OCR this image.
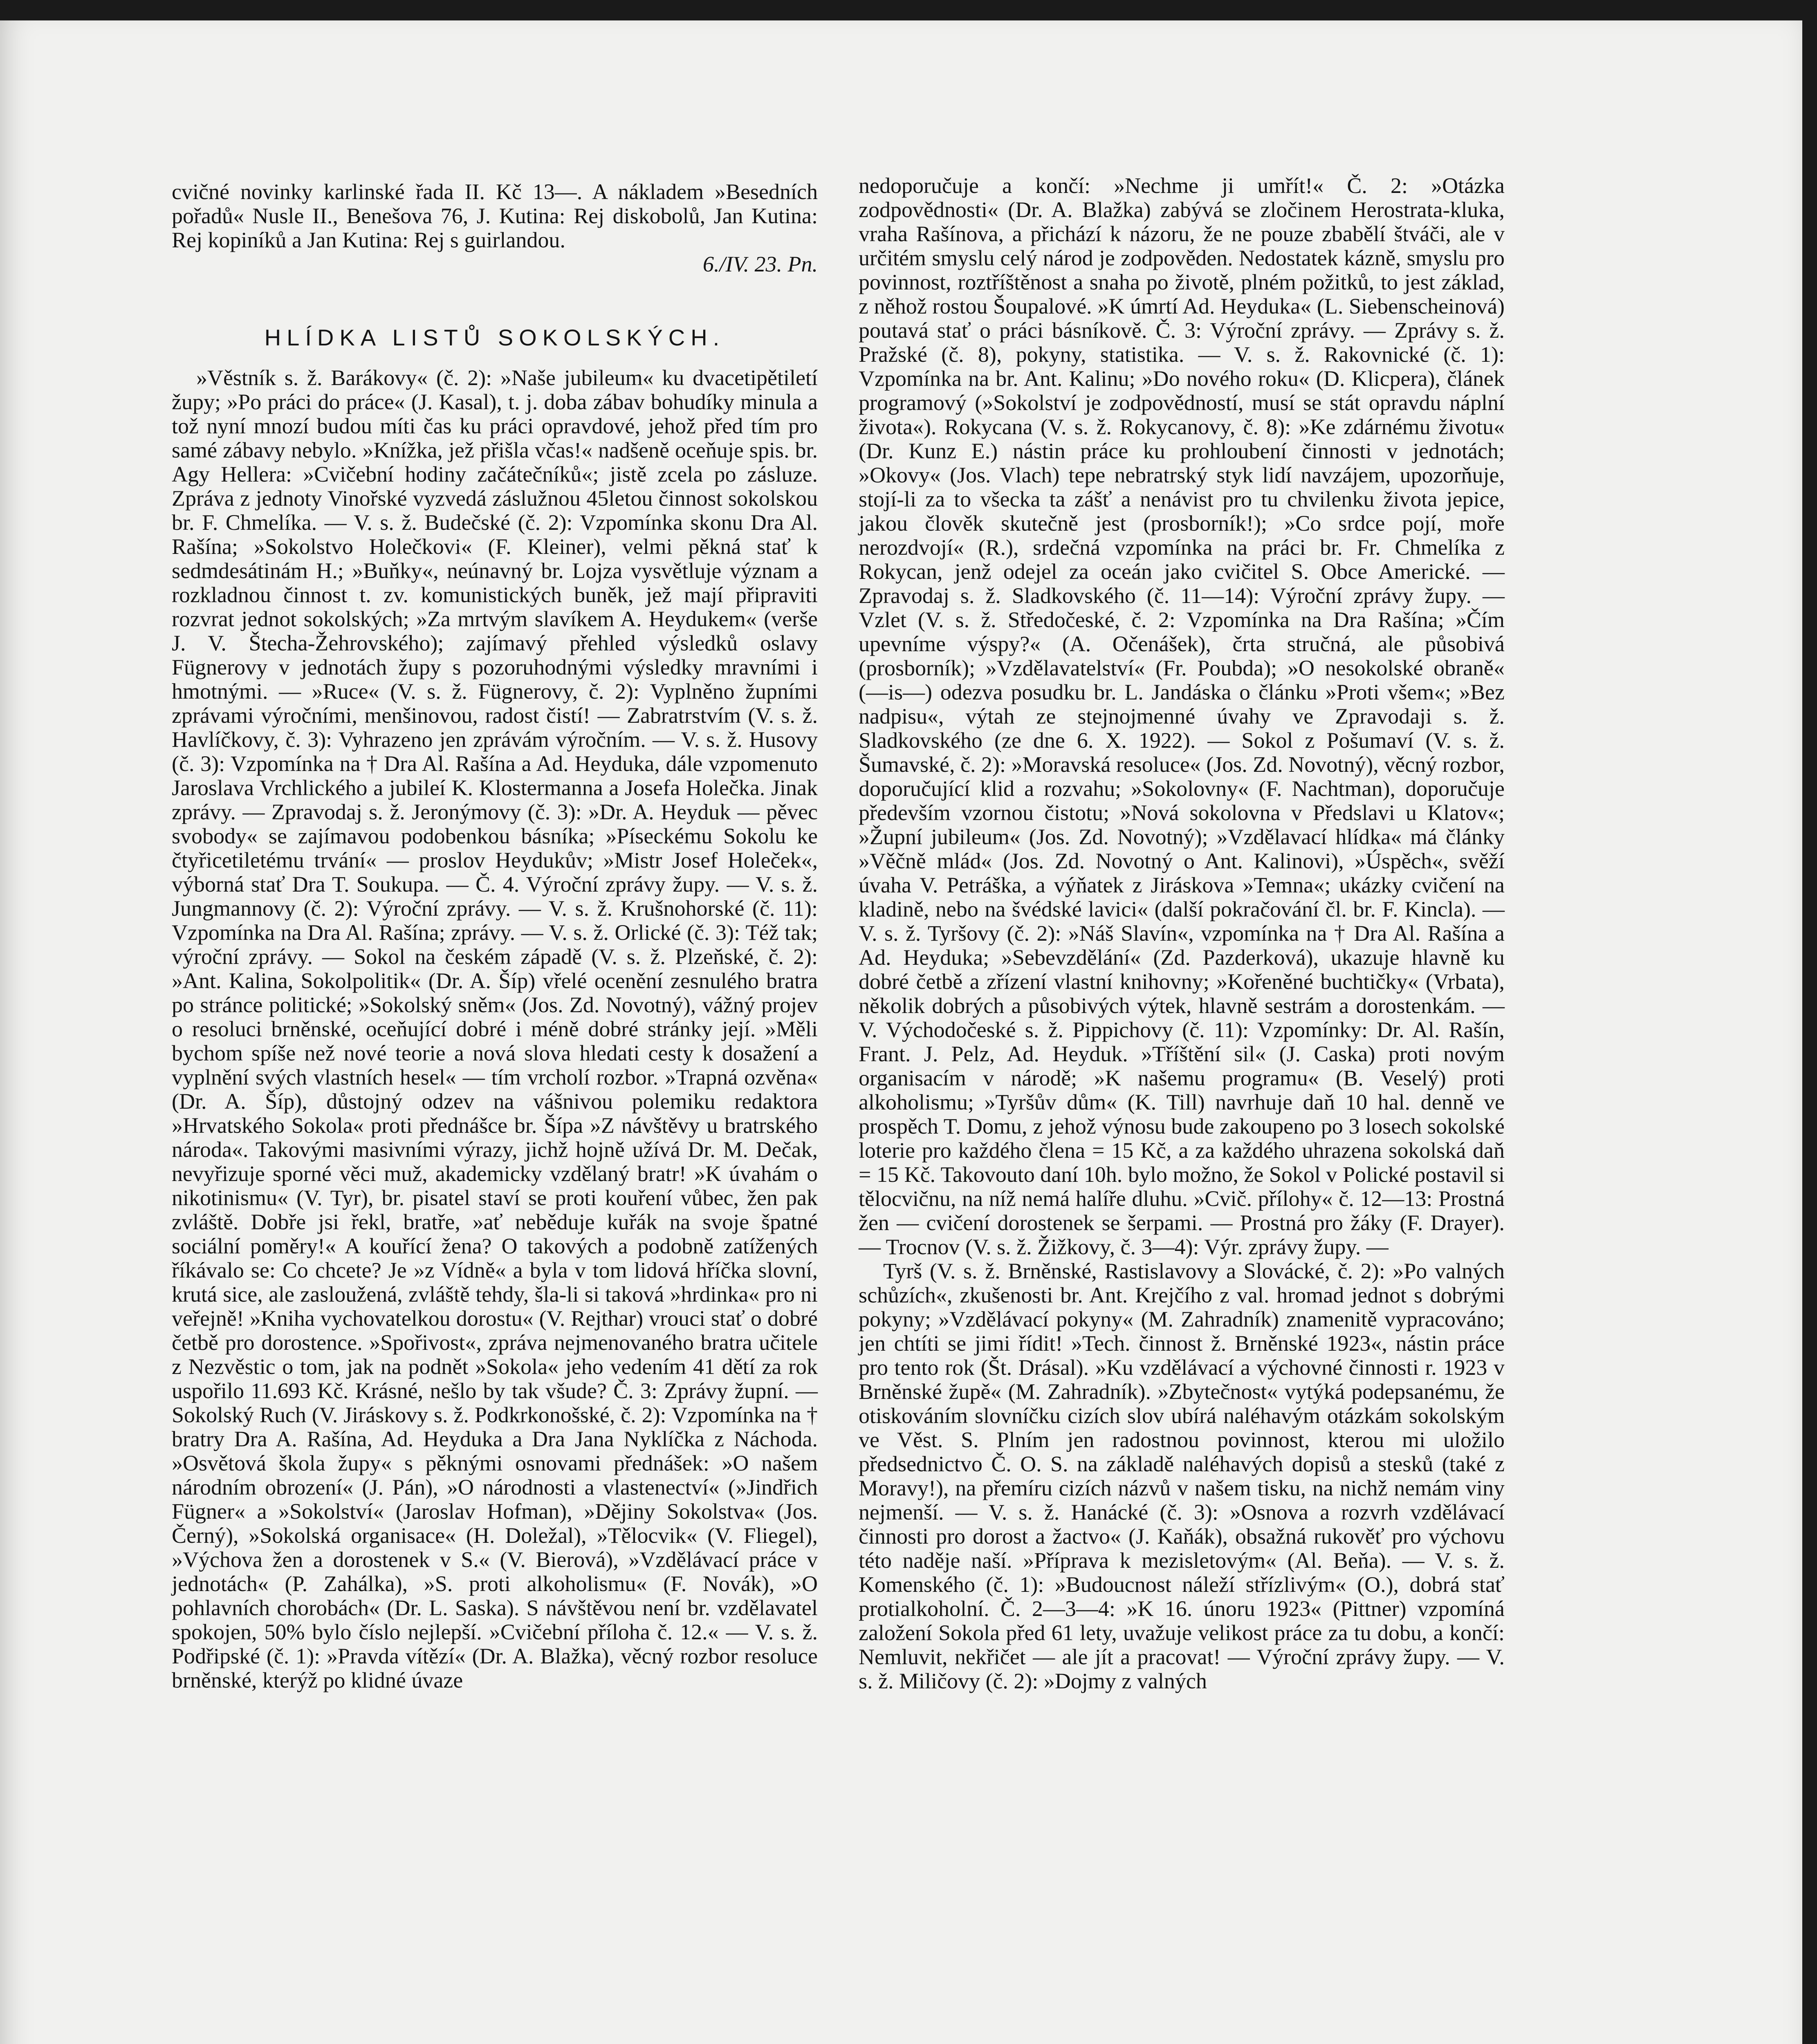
cvičné novinky karlinské řada II. Kč 13—. A nákladem »Besedních pořadů« Nusle II., Benešova 76, J. Kutina: Rej diskobolů, Jan Kutina: Rej kopiníků a Jan Kutina: Rej s guirlandou.

6./IV. 23. Pn.

HLÍDKA LISTŮ SOKOLSKÝCH.

»Věstník s. ž. Barákovy« (č. 2): »Naše jubileum« ku dvacetipětiletí župy; »Po práci do práce« (J. Kasal), t. j. doba zábav bohudíky minula a tož nyní mnozí budou míti čas ku práci opravdové, jehož před tím pro samé zábavy nebylo. »Knížka, jež přišla včas!« nadšeně oceňuje spis. br. Agy Hellera: »Cvičební hodiny začátečníků«; jistě zcela po zásluze. Zpráva z jednoty Vinořské vyzvedá záslužnou 45letou činnost sokolskou br. F. Chmelíka. — V. s. ž. Budečské (č. 2): Vzpomínka skonu Dra Al. Rašína; »Sokolstvo Holečkovi« (F. Kleiner), velmi pěkná stať k sedmdesátinám H.; »Buňky«, neúnavný br. Lojza vysvětluje význam a rozkladnou činnost t. zv. komunistických buněk, jež mají připraviti rozvrat jednot sokolských; »Za mrtvým slavíkem A. Heydukem« (verše J. V. Štecha-Žehrovského); zajímavý přehled výsledků oslavy Fügnerovy v jednotách župy s pozoruhodnými výsledky mravními i hmotnými. — »Ruce« (V. s. ž. Fügnerovy, č. 2): Vyplněno župními zprávami výročními, menšinovou, radost čistí! — Zabratrstvím (V. s. ž. Havlíčkovy, č. 3): Vyhrazeno jen zprávám výročním. — V. s. ž. Husovy (č. 3): Vzpomínka na † Dra Al. Rašína a Ad. Heyduka, dále vzpomenuto Jaroslava Vrchlického a jubileí K. Klostermanna a Josefa Holečka. Jinak zprávy. — Zpravodaj s. ž. Jeronýmovy (č. 3): »Dr. A. Heyduk — pěvec svobody« se zajímavou podobenkou básníka; »Píseckému Sokolu ke čtyřicetiletému trvání« — proslov Heydukův; »Mistr Josef Holeček«, výborná stať Dra T. Soukupa. — Č. 4. Výroční zprávy župy. — V. s. ž. Jungmannovy (č. 2): Výroční zprávy. — V. s. ž. Krušnohorské (č. 11): Vzpomínka na Dra Al. Rašína; zprávy. — V. s. ž. Orlické (č. 3): Též tak; výroční zprávy. — Sokol na českém západě (V. s. ž. Plzeňské, č. 2): »Ant. Kalina, Sokolpolitik« (Dr. A. Šíp) vřelé ocenění zesnulého bratra po stránce politické; »Sokolský sněm« (Jos. Zd. Novotný), vážný projev o resoluci brněnské, oceňující dobré i méně dobré stránky její. »Měli bychom spíše než nové teorie a nová slova hledati cesty k dosažení a vyplnění svých vlastních hesel« — tím vrcholí rozbor. »Trapná ozvěna« (Dr. A. Šíp), důstojný odzev na vášnivou polemiku redaktora »Hrvatského Sokola« proti přednášce br. Šípa »Z návštěvy u bratrského národa«. Takovými masivními výrazy, jichž hojně užívá Dr. M. Dečak, nevyřizuje sporné věci muž, akademicky vzdělaný bratr! »K úvahám o nikotinismu« (V. Tyr), br. pisatel staví se proti kouření vůbec, žen pak zvláště. Dobře jsi řekl, bratře, »ať neběduje kuřák na svoje špatné sociální poměry!« A kouřící žena? O takových a podobně zatížených říkávalo se: Co chcete? Je »z Vídně« a byla v tom lidová hříčka slovní, krutá sice, ale zasloužená, zvláště tehdy, šla-li si taková »hrdinka« pro ni veřejně! »Kniha vychovatelkou dorostu« (V. Rejthar) vrouci stať o dobré četbě pro dorostence. »Spořivost«, zpráva nejmenovaného bratra učitele z Nezvěstic o tom, jak na podnět »Sokola« jeho vedením 41 dětí za rok uspořilo 11.693 Kč. Krásné, nešlo by tak všude? Č. 3: Zprávy župní. — Sokolský Ruch (V. Jiráskovy s. ž. Podkrkonošské, č. 2): Vzpomínka na † bratry Dra A. Rašína, Ad. Heyduka a Dra Jana Nyklíčka z Náchoda. »Osvětová škola župy« s pěknými osnovami přednášek: »O našem národním obrození« (J. Pán), »O národnosti a vlastenectví« (»Jindřich Fügner« a »Sokolství« (Jaroslav Hofman), »Dějiny Sokolstva« (Jos. Černý), »Sokolská organisace« (H. Doležal), »Tělocvik« (V. Fliegel), »Výchova žen a dorostenek v S.« (V. Bierová), »Vzdělávací práce v jednotách« (P. Zahálka), »S. proti alkoholismu« (F. Novák), »O pohlavních chorobách« (Dr. L. Saska). S návštěvou není br. vzdělavatel spokojen, 50% bylo číslo nejlepší. »Cvičební příloha č. 12.« — V. s. ž. Podřipské (č. 1): »Pravda vítězí« (Dr. A. Blažka), věcný rozbor resoluce brněnské, kterýž po klidné úvaze

nedoporučuje a končí: »Nechme ji umřít!« Č. 2: »Otázka zodpovědnosti« (Dr. A. Blažka) zabývá se zločinem Herostrata-kluka, vraha Rašínova, a přichází k názoru, že ne pouze zbabělí štváči, ale v určitém smyslu celý národ je zodpověden. Nedostatek kázně, smyslu pro povinnost, roztříštěnost a snaha po životě, plném požitků, to jest základ, z něhož rostou Šoupalové. »K úmrtí Ad. Heyduka« (L. Siebenscheinová) poutavá stať o práci básníkově. Č. 3: Výroční zprávy. — Zprávy s. ž. Pražské (č. 8), pokyny, statistika. — V. s. ž. Rakovnické (č. 1): Vzpomínka na br. Ant. Kalinu; »Do nového roku« (D. Klicpera), článek programový (»Sokolství je zodpovědností, musí se stát opravdu náplní života«). Rokycana (V. s. ž. Rokycanovy, č. 8): »Ke zdárnému životu« (Dr. Kunz E.) nástin práce ku prohloubení činnosti v jednotách; »Okovy« (Jos. Vlach) tepe nebratrský styk lidí navzájem, upozorňuje, stojí-li za to všecka ta zášť a nenávist pro tu chvilenku života jepice, jakou člověk skutečně jest (prosborník!); »Co srdce pojí, moře nerozdvojí« (R.), srdečná vzpomínka na práci br. Fr. Chmelíka z Rokycan, jenž odejel za oceán jako cvičitel S. Obce Americké. — Zpravodaj s. ž. Sladkovského (č. 11—14): Výroční zprávy župy. — Vzlet (V. s. ž. Středočeské, č. 2: Vzpomínka na Dra Rašína; »Čím upevníme výspy?« (A. Očenášek), črta stručná, ale působivá (prosborník); »Vzdělavatelství« (Fr. Poubda); »O nesokolské obraně« (—is—) odezva posudku br. L. Jandáska o článku »Proti všem«; »Bez nadpisu«, výtah ze stejnojmenné úvahy ve Zpravodaji s. ž. Sladkovského (ze dne 6. X. 1922). — Sokol z Pošumaví (V. s. ž. Šumavské, č. 2): »Moravská resoluce« (Jos. Zd. Novotný), věcný rozbor, doporučující klid a rozvahu; »Sokolovny« (F. Nachtman), doporučuje především vzornou čistotu; »Nová sokolovna v Předslavi u Klatov«; »Župní jubileum« (Jos. Zd. Novotný); »Vzdělavací hlídka« má články »Věčně mlád« (Jos. Zd. Novotný o Ant. Kalinovi), »Úspěch«, svěží úvaha V. Petráška, a výňatek z Jiráskova »Temna«; ukázky cvičení na kladině, nebo na švédské lavici« (další pokračování čl. br. F. Kincla). — V. s. ž. Tyršovy (č. 2): »Náš Slavín«, vzpomínka na † Dra Al. Rašína a Ad. Heyduka; »Sebevzdělání« (Zd. Pazderková), ukazuje hlavně ku dobré četbě a zřízení vlastní knihovny; »Kořeněné buchtičky« (Vrbata), několik dobrých a působivých výtek, hlavně sestrám a dorostenkám. — V. Východočeské s. ž. Pippichovy (č. 11): Vzpomínky: Dr. Al. Rašín, Frant. J. Pelz, Ad. Heyduk. »Tříštění sil« (J. Caska) proti novým organisacím v národě; »K našemu programu« (B. Veselý) proti alkoholismu; »Tyršův dům« (K. Till) navrhuje daň 10 hal. denně ve prospěch T. Domu, z jehož výnosu bude zakoupeno po 3 losech sokolské loterie pro každého člena = 15 Kč, a za každého uhrazena sokolská daň = 15 Kč. Takovouto daní 10h. bylo možno, že Sokol v Polické postavil si tělocvičnu, na níž nemá halíře dluhu. »Cvič. přílohy« č. 12—13: Prostná žen — cvičení dorostenek se šerpami. — Prostná pro žáky (F. Drayer). — Trocnov (V. s. ž. Žižkovy, č. 3—4): Výr. zprávy župy. —

Tyrš (V. s. ž. Brněnské, Rastislavovy a Slovácké, č. 2): »Po valných schůzích«, zkušenosti br. Ant. Krejčího z val. hromad jednot s dobrými pokyny; »Vzdělávací pokyny« (M. Zahradník) znamenitě vypracováno; jen chtíti se jimi řídit! »Tech. činnost ž. Brněnské 1923«, nástin práce pro tento rok (Št. Drásal). »Ku vzdělávací a výchovné činnosti r. 1923 v Brněnské župě« (M. Zahradník). »Zbytečnost« vytýká podepsanému, že otiskováním slovníčku cizích slov ubírá naléhavým otázkám sokolským ve Věst. S. Plním jen radostnou povinnost, kterou mi uložilo předsednictvo Č. O. S. na základě naléhavých dopisů a stesků (také z Moravy!), na přemíru cizích názvů v našem tisku, na nichž nemám viny nejmenší. — V. s. ž. Hanácké (č. 3): »Osnova a rozvrh vzdělávací činnosti pro dorost a žactvo« (J. Kaňák), obsažná rukověť pro výchovu této naděje naší. »Příprava k mezisletovým« (Al. Beňa). — V. s. ž. Komenského (č. 1): »Budoucnost náleží střízlivým« (O.), dobrá stať protialkoholní. Č. 2—3—4: »K 16. únoru 1923« (Pittner) vzpomíná založení Sokola před 61 lety, uvažuje velikost práce za tu dobu, a končí: Nemluvit, nekřičet — ale jít a pracovat! — Výroční zprávy župy. — V. s. ž. Miličovy (č. 2): »Dojmy z valných
